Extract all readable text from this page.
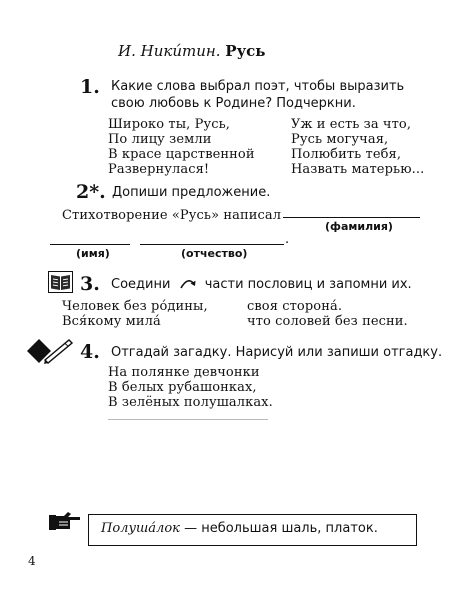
И. Никúтин. Русь
1. Какие слова выбрал поэт, чтобы выразить
свою любовь к Родине? Подчеркни.
Широко ты, Русь,
По лицу земли
В красе царственной
Развернулася!
Уж и есть за что,
Русь могучая,
Полюбить тебя,
Назвать матерью...
2*. Допиши предложение.
Стихотворение «Русь» написал
(фамилия)
.
(имя)	(отчество)
3. Соедини	части пословиц и запомни их.
Человек без ро́дины,
Вся́кому мила́
своя сторона́.
что соловей без песни.
4. Отгадай загадку. Нарисуй или запиши отгадку.
На полянке девчонки
В белых рубашонках,
В зелёных полушалках.
Полуша́лок — небольшая шаль, платок.
4
